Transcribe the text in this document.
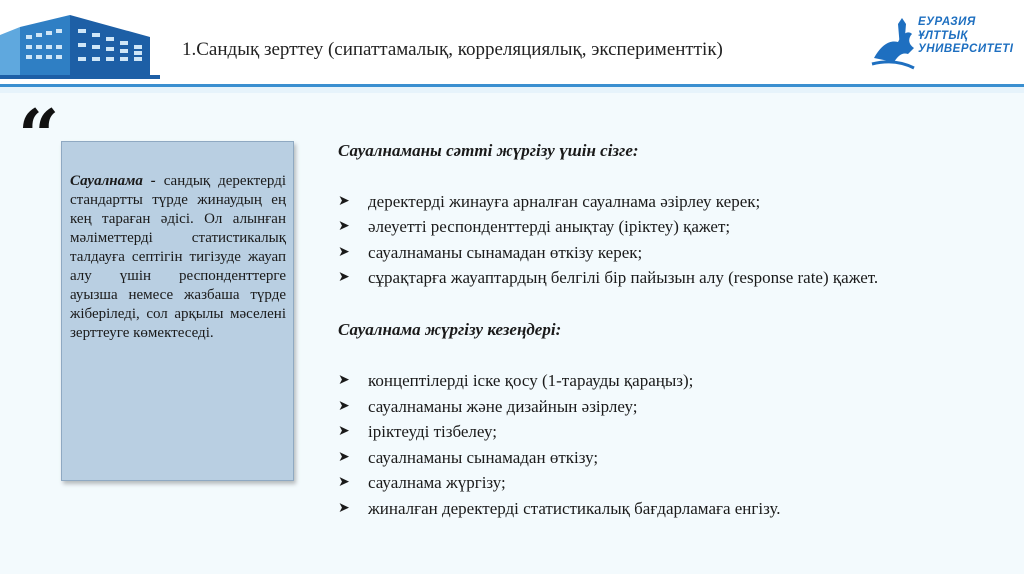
1.Сандық зерттеу (сипаттамалық, корреляциялық, эксперименттік)
ЕУРАЗИЯ
ҰЛТТЫҚ
УНИВЕРСИТЕТІ
“
Сауалнама - сандық деректерді стандартты түрде жинаудың ең кең тараған әдісі. Ол алынған мәліметтерді статистикалық талдауға септігін тигізуде жауап алу үшін респонденттерге ауызша немесе жазбаша түрде жіберіледі, сол арқылы мәселені зерттеуге көмектеседі.

Сауалнаманы сәтті жүргізу үшін сізге:

➤ деректерді жинауға арналған сауалнама әзірлеу керек;
➤ әлеуетті респонденттерді анықтау (іріктеу) қажет;
➤ сауалнаманы сынамадан өткізу керек;
➤ сұрақтарға жауаптардың белгілі бір пайызын алу (response rate) қажет.

Сауалнама жүргізу кезеңдері:

➤ концептілерді іске қосу (1-тарауды қараңыз);
➤ сауалнаманы және дизайнын әзірлеу;
➤ іріктеуді тізбелеу;
➤ сауалнаманы сынамадан өткізу;
➤ сауалнама жүргізу;
➤ жиналған деректерді статистикалық бағдарламаға енгізу.
